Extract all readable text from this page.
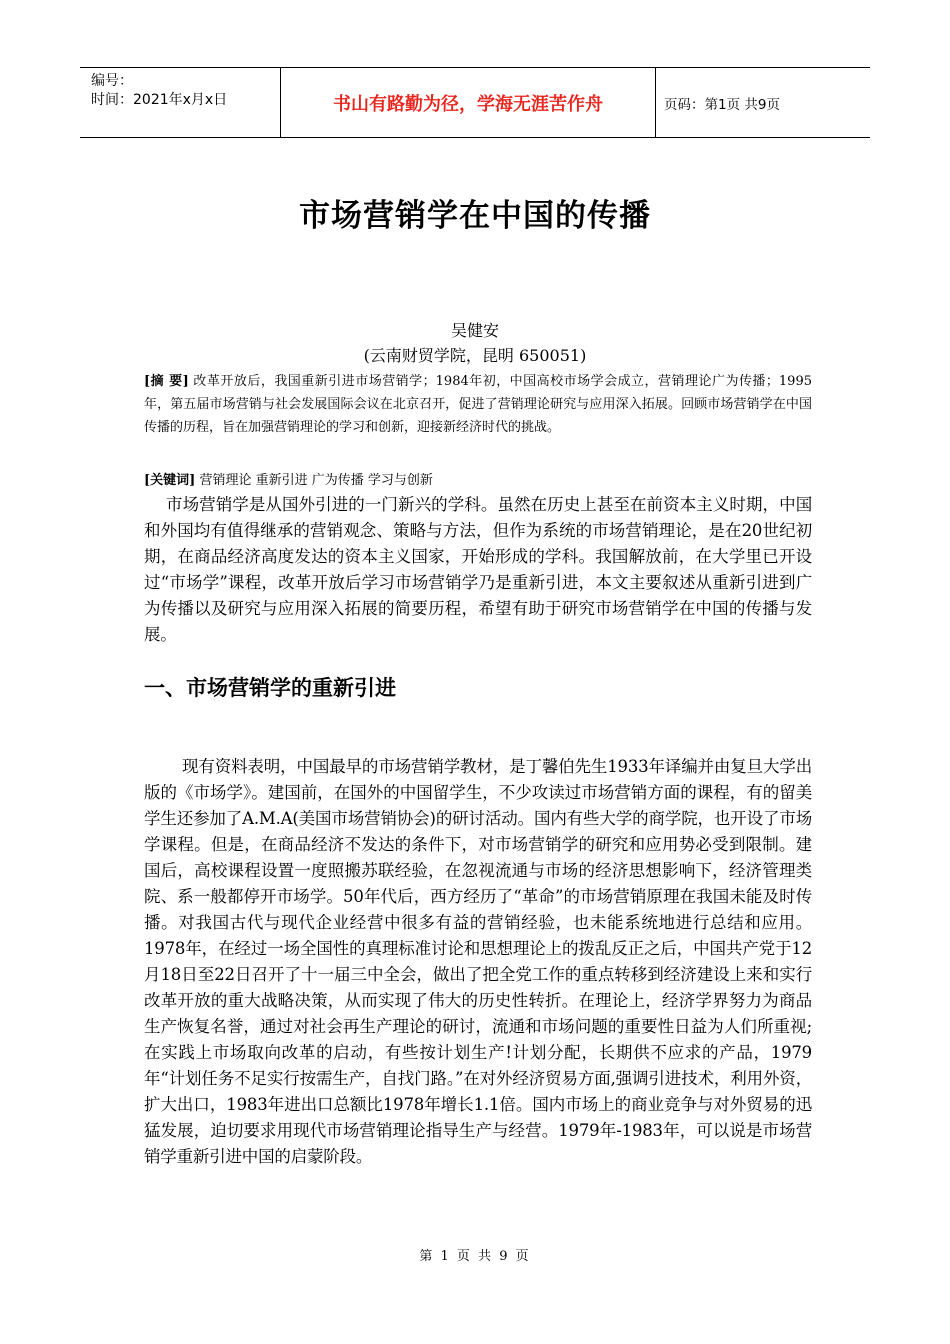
编号：
时间：2021年x月x日	书山有路勤为径，学海无涯苦作舟	页码：第1页 共9页
市场营销学在中国的传播
吴健安
(云南财贸学院，昆明 650051)
[摘 要] 改革开放后，我国重新引进市场营销学；1984年初，中国高校市场学会成立，营销理论广为传播；1995年，第五届市场营销与社会发展国际会议在北京召开，促进了营销理论研究与应用深入拓展。回顾市场营销学在中国传播的历程，旨在加强营销理论的学习和创新，迎接新经济时代的挑战。
[关键词] 营销理论 重新引进 广为传播 学习与创新
市场营销学是从国外引进的一门新兴的学科。虽然在历史上甚至在前资本主义时期，中国和外国均有值得继承的营销观念、策略与方法，但作为系统的市场营销理论，是在20世纪初期，在商品经济高度发达的资本主义国家，开始形成的学科。我国解放前，在大学里已开设过“市场学”课程，改革开放后学习市场营销学乃是重新引进，本文主要叙述从重新引进到广为传播以及研究与应用深入拓展的简要历程，希望有助于研究市场营销学在中国的传播与发展。
一、市场营销学的重新引进
现有资料表明，中国最早的市场营销学教材，是丁馨伯先生1933年译编并由复旦大学出版的《市场学》。建国前，在国外的中国留学生，不少攻读过市场营销方面的课程，有的留美学生还参加了A.M.A(美国市场营销协会)的研讨活动。国内有些大学的商学院，也开设了市场学课程。但是，在商品经济不发达的条件下，对市场营销学的研究和应用势必受到限制。建国后，高校课程设置一度照搬苏联经验，在忽视流通与市场的经济思想影响下，经济管理类院、系一般都停开市场学。50年代后，西方经历了“革命”的市场营销原理在我国未能及时传播。对我国古代与现代企业经营中很多有益的营销经验，也未能系统地进行总结和应用。1978年，在经过一场全国性的真理标准讨论和思想理论上的拨乱反正之后，中国共产党于12月18日至22日召开了十一届三中全会，做出了把全党工作的重点转移到经济建设上来和实行改革开放的重大战略决策，从而实现了伟大的历史性转折。在理论上，经济学界努力为商品生产恢复名誉，通过对社会再生产理论的研讨，流通和市场问题的重要性日益为人们所重视;在实践上市场取向改革的启动，有些按计划生产!计划分配，长期供不应求的产品，1979年“计划任务不足实行按需生产，自找门路。”在对外经济贸易方面,强调引进技术，利用外资，扩大出口，1983年进出口总额比1978年增长1.1倍。国内市场上的商业竞争与对外贸易的迅猛发展，迫切要求用现代市场营销理论指导生产与经营。1979年-1983年，可以说是市场营销学重新引进中国的启蒙阶段。
第 1 页 共 9 页
